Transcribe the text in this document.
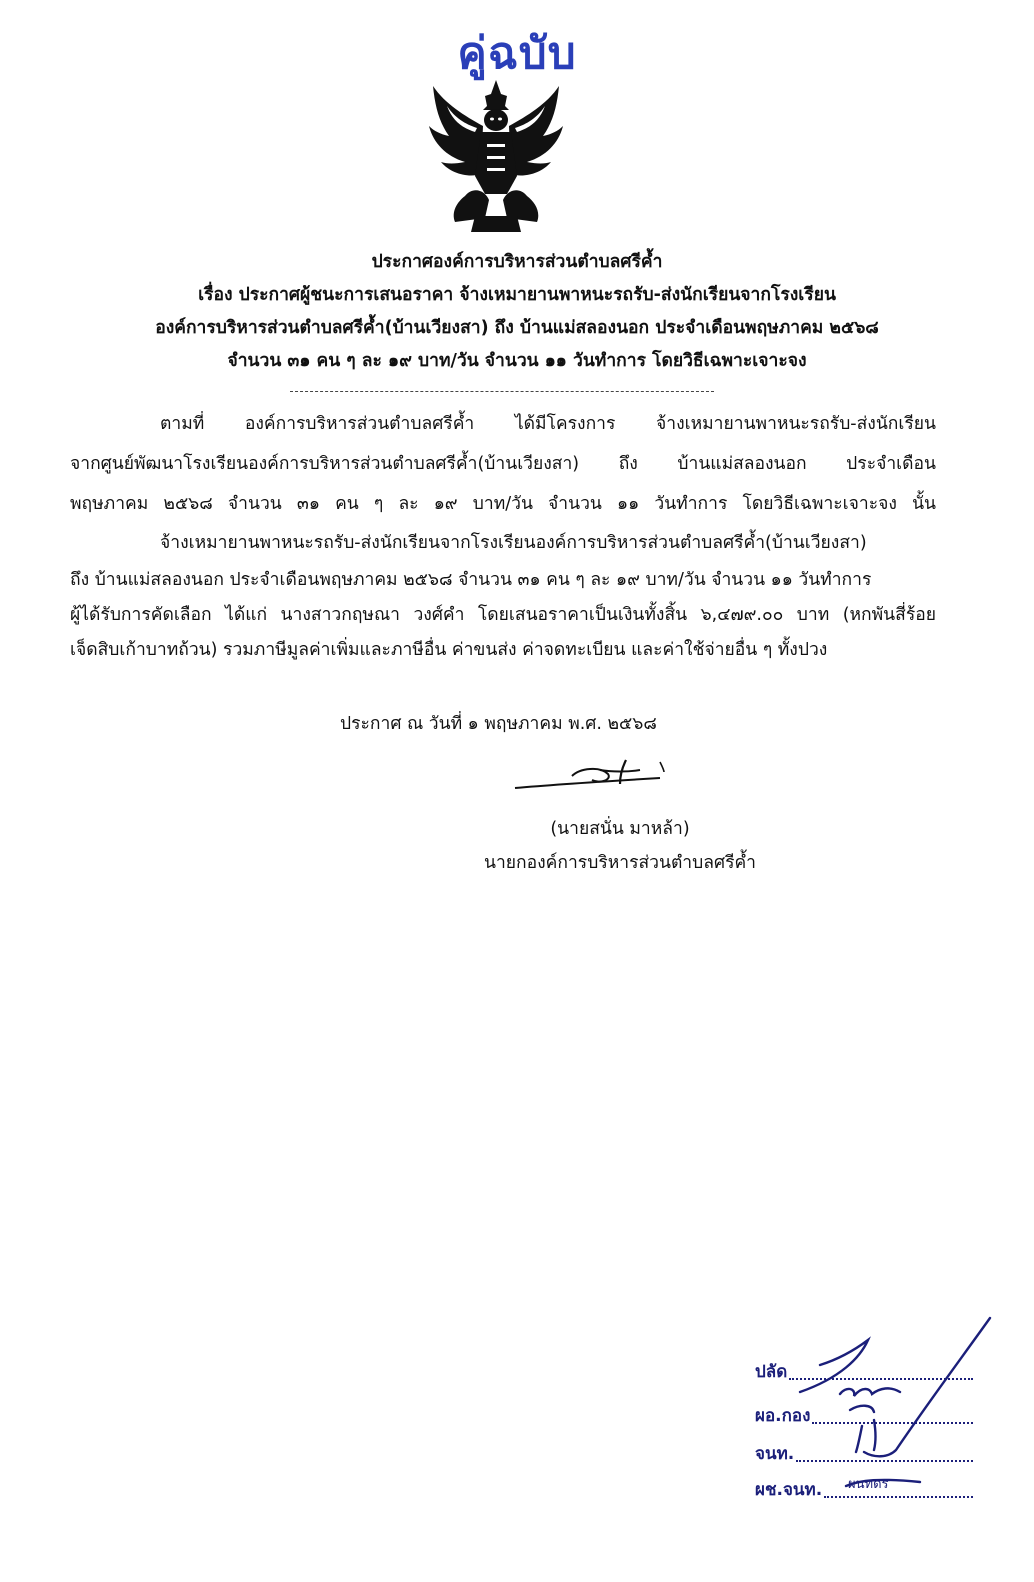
คู่ฉบับ
ประกาศองค์การบริหารส่วนตำบลศรีค้ำ
เรื่อง ประกาศผู้ชนะการเสนอราคา จ้างเหมายานพาหนะรถรับ-ส่งนักเรียนจากโรงเรียน
องค์การบริหารส่วนตำบลศรีค้ำ(บ้านเวียงสา) ถึง บ้านแม่สลองนอก ประจำเดือนพฤษภาคม ๒๕๖๘
จำนวน ๓๑ คน ๆ ละ ๑๙ บาท/วัน จำนวน ๑๑ วันทำการ โดยวิธีเฉพาะเจาะจง
ตามที่ องค์การบริหารส่วนตำบลศรีค้ำ ได้มีโครงการ จ้างเหมายานพาหนะรถรับ-ส่งนักเรียน
จากศูนย์พัฒนาโรงเรียนองค์การบริหารส่วนตำบลศรีค้ำ(บ้านเวียงสา) ถึง บ้านแม่สลองนอก ประจำเดือน
พฤษภาคม ๒๕๖๘ จำนวน ๓๑ คน ๆ ละ ๑๙ บาท/วัน จำนวน ๑๑ วันทำการ โดยวิธีเฉพาะเจาะจง นั้น
จ้างเหมายานพาหนะรถรับ-ส่งนักเรียนจากโรงเรียนองค์การบริหารส่วนตำบลศรีค้ำ(บ้านเวียงสา)
ถึง บ้านแม่สลองนอก ประจำเดือนพฤษภาคม ๒๕๖๘ จำนวน ๓๑ คน ๆ ละ ๑๙ บาท/วัน จำนวน ๑๑ วันทำการ
ผู้ได้รับการคัดเลือก ได้แก่ นางสาวกฤษณา วงศ์คำ โดยเสนอราคาเป็นเงินทั้งสิ้น ๖,๔๗๙.๐๐ บาท (หกพันสี่ร้อย
เจ็ดสิบเก้าบาทถ้วน) รวมภาษีมูลค่าเพิ่มและภาษีอื่น ค่าขนส่ง ค่าจดทะเบียน และค่าใช้จ่ายอื่น ๆ ทั้งปวง
ประกาศ ณ วันที่ ๑ พฤษภาคม พ.ศ. ๒๕๖๘
(นายสนั่น มาหล้า)
นายกองค์การบริหารส่วนตำบลศรีค้ำ
ปลัด
ผอ.กอง
จนท.
ผช.จนท. ผนทดร
